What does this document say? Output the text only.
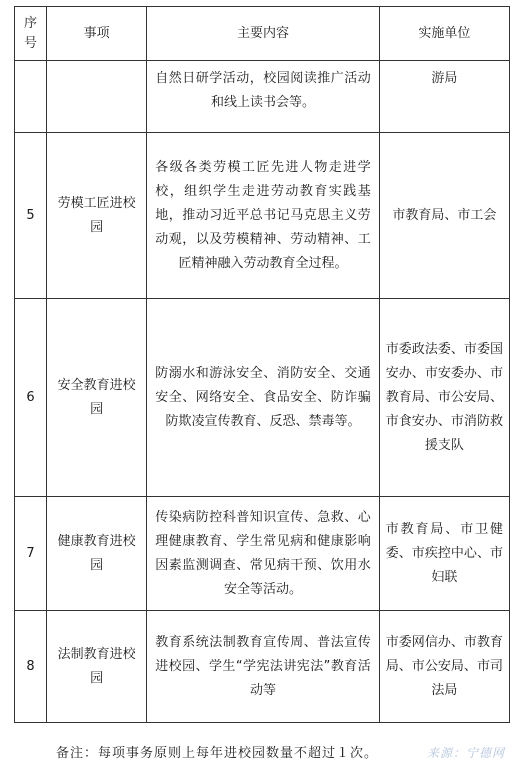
序号	事项	主要内容	实施单位

		自然日研学活动，校园阅读推广活动和线上读书会等。	游局

5	劳模工匠进校园	各级各类劳模工匠先进人物走进学校，组织学生走进劳动教育实践基地，推动习近平总书记马克思主义劳动观，以及劳模精神、劳动精神、工匠精神融入劳动教育全过程。	市教育局、市工会

6	安全教育进校园	防溺水和游泳安全、消防安全、交通安全、网络安全、食品安全、防诈骗防欺凌宣传教育、反恐、禁毒等。	市委政法委、市委国安办、市安委办、市教育局、市公安局、市食安办、市消防救援支队

7	健康教育进校园	传染病防控科普知识宣传、急救、心理健康教育、学生常见病和健康影响因素监测调查、常见病干预、饮用水安全等活动。	市教育局、市卫健委、市疾控中心、市妇联

8	法制教育进校园	教育系统法制教育宣传周、普法宣传进校园、学生“学宪法讲宪法”教育活动等	市委网信办、市教育局、市公安局、市司法局
备注：每项事务原则上每年进校园数量不超过１次。	来源：宁德网
